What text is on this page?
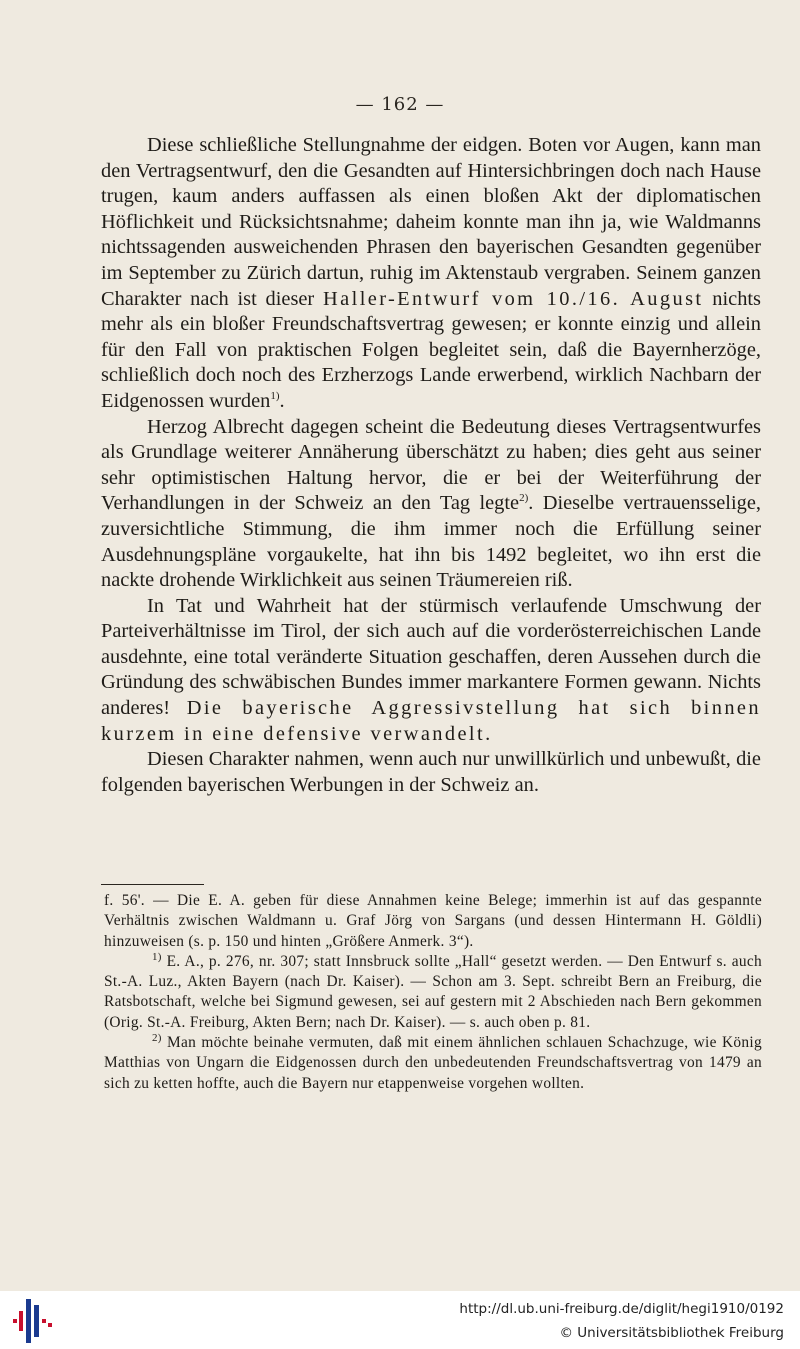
— 162 —

Diese schließliche Stellungnahme der eidgen. Boten vor Augen, kann man den Vertragsentwurf, den die Gesandten auf Hintersichbringen doch nach Hause trugen, kaum anders auffassen als einen bloßen Akt der diplomatischen Höflichkeit und Rücksichtsnahme; daheim konnte man ihn ja, wie Waldmanns nichtssagenden ausweichenden Phrasen den bayerischen Gesandten gegenüber im September zu Zürich dartun, ruhig im Aktenstaub vergraben. Seinem ganzen Charakter nach ist dieser Haller-Entwurf vom 10./16. August nichts mehr als ein bloßer Freundschaftsvertrag gewesen; er konnte einzig und allein für den Fall von praktischen Folgen begleitet sein, daß die Bayernherzöge, schließlich doch noch des Erzherzogs Lande erwerbend, wirklich Nachbarn der Eidgenossen wurden$^{1)}$.

Herzog Albrecht dagegen scheint die Bedeutung dieses Vertragsentwurfes als Grundlage weiterer Annäherung überschätzt zu haben; dies geht aus seiner sehr optimistischen Haltung hervor, die er bei der Weiterführung der Verhandlungen in der Schweiz an den Tag legte$^{2)}$. Dieselbe vertrauensselige, zuversichtliche Stimmung, die ihm immer noch die Erfüllung seiner Ausdehnungspläne vorgaukelte, hat ihn bis 1492 begleitet, wo ihn erst die nackte drohende Wirklichkeit aus seinen Träumereien riß.

In Tat und Wahrheit hat der stürmisch verlaufende Umschwung der Parteiverhältnisse im Tirol, der sich auch auf die vorderösterreichischen Lande ausdehnte, eine total veränderte Situation geschaffen, deren Aussehen durch die Gründung des schwäbischen Bundes immer markantere Formen gewann. Nichts anderes! Die bayerische Aggressivstellung hat sich binnen kurzem in eine defensive verwandelt.

Diesen Charakter nahmen, wenn auch nur unwillkürlich und unbewußt, die folgenden bayerischen Werbungen in der Schweiz an.

f. 56'. — Die E. A. geben für diese Annahmen keine Belege; immerhin ist auf das gespannte Verhältnis zwischen Waldmann u. Graf Jörg von Sargans (und dessen Hintermann H. Göldli) hinzuweisen (s. p. 150 und hinten „Größere Anmerk. 3“).

$^{1)}$ E. A., p. 276, nr. 307; statt Innsbruck sollte „Hall“ gesetzt werden. — Den Entwurf s. auch St.-A. Luz., Akten Bayern (nach Dr. Kaiser). — Schon am 3. Sept. schreibt Bern an Freiburg, die Ratsbotschaft, welche bei Sigmund gewesen, sei auf gestern mit 2 Abschieden nach Bern gekommen (Orig. St.-A. Freiburg, Akten Bern; nach Dr. Kaiser). — s. auch oben p. 81.

$^{2)}$ Man möchte beinahe vermuten, daß mit einem ähnlichen schlauen Schachzuge, wie König Matthias von Ungarn die Eidgenossen durch den unbedeutenden Freundschaftsvertrag von 1479 an sich zu ketten hoffte, auch die Bayern nur etappenweise vorgehen wollten.

http://dl.ub.uni-freiburg.de/diglit/hegi1910/0192
© Universitätsbibliothek Freiburg
